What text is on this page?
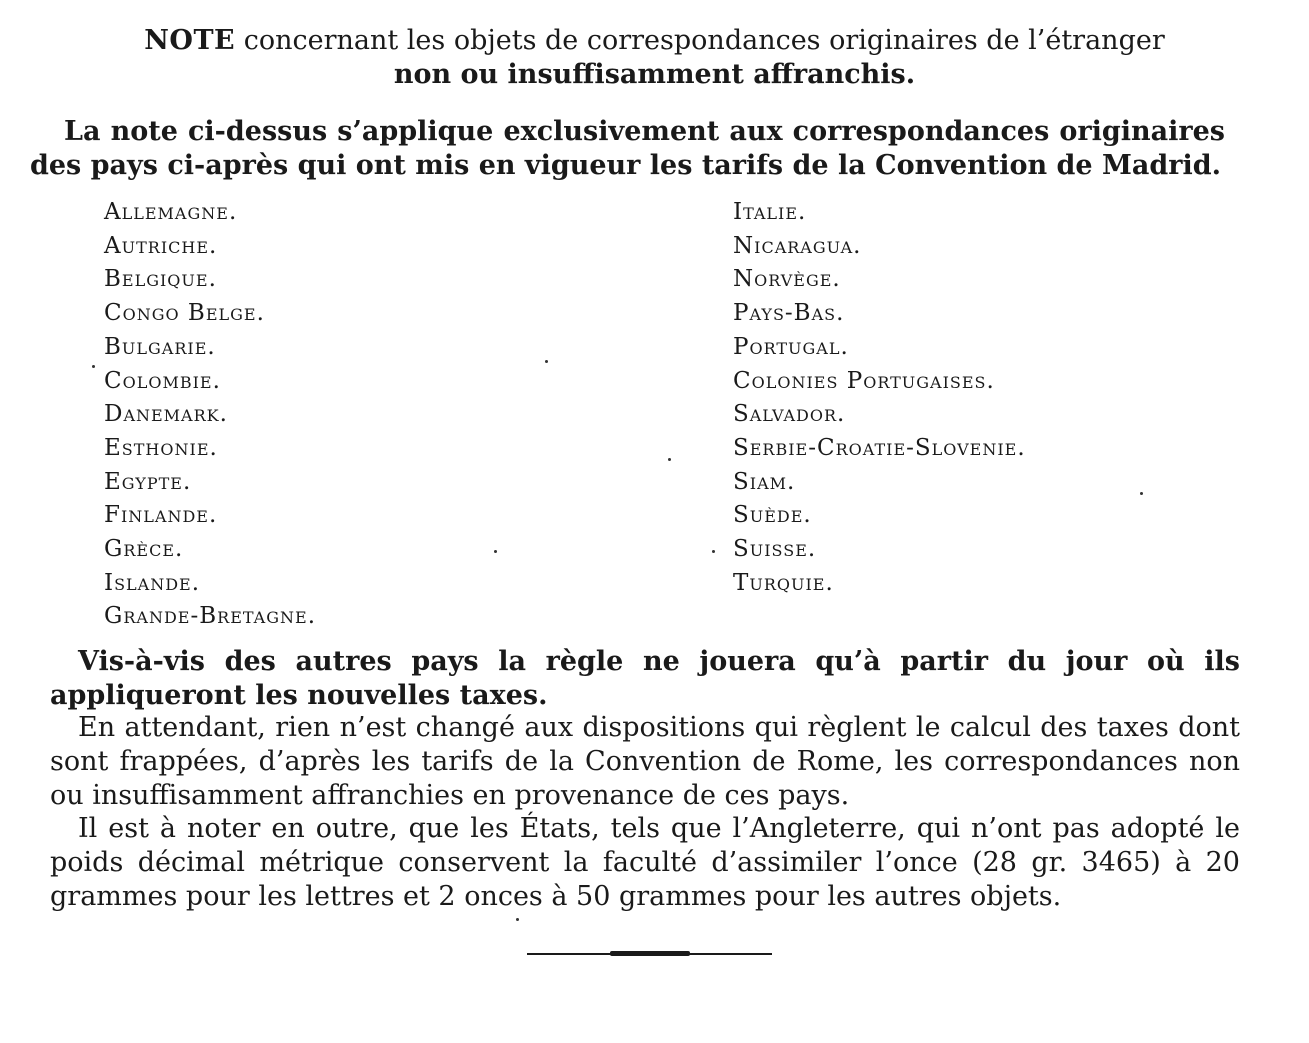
NOTE concernant les objets de correspondances originaires de l’étranger
non ou insuffisamment affranchis.
La note ci-dessus s’applique exclusivement aux correspondances originaires des pays ci-après qui ont mis en vigueur les tarifs de la Convention de Madrid.
Allemagne.
Autriche.
Belgique.
Congo Belge.
Bulgarie.
Colombie.
Danemark.
Esthonie.
Egypte.
Finlande.
Grèce.
Islande.
Grande-Bretagne.
Italie.
Nicaragua.
Norvège.
Pays-Bas.
Portugal.
Colonies Portugaises.
Salvador.
Serbie-Croatie-Slovenie.
Siam.
Suède.
Suisse.
Turquie.

Vis-à-vis des autres pays la règle ne jouera qu’à partir du jour où ils appliqueront les nouvelles taxes.

En attendant, rien n’est changé aux dispositions qui règlent le calcul des taxes dont sont frappées, d’après les tarifs de la Convention de Rome, les correspondances non ou insuffisamment affranchies en provenance de ces pays.

Il est à noter en outre, que les États, tels que l’Angleterre, qui n’ont pas adopté le poids décimal métrique conservent la faculté d’assimiler l’once (28 gr. 3465) à 20 grammes pour les lettres et 2 onces à 50 grammes pour les autres objets.
